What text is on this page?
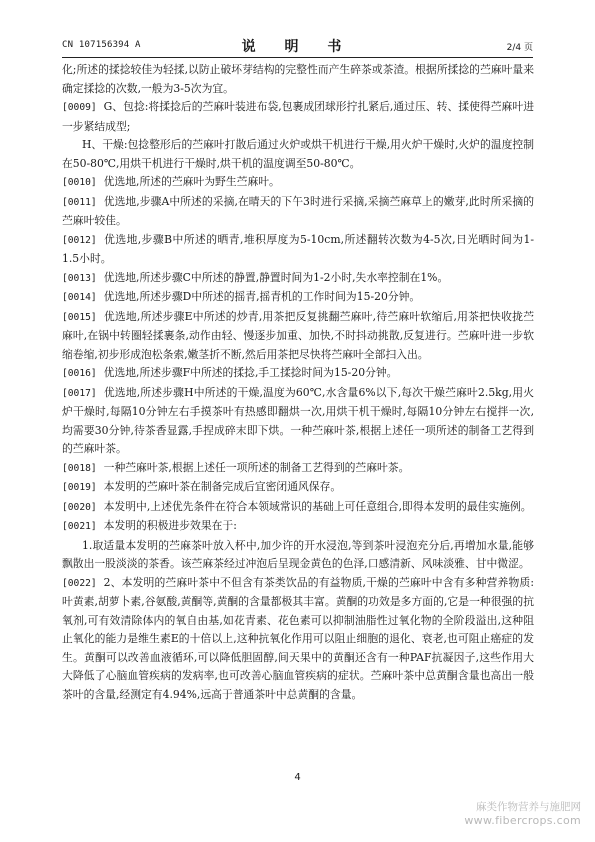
CN 107156394 A	说 明 书	2/4 页

化;所述的揉捻较佳为轻揉,以防止破坏芽结构的完整性而产生碎茶或茶渣。根据所揉捻的苎麻叶量来确定揉捻的次数,一般为3-5次为宜。

[0009] G、包捻:将揉捻后的苎麻叶装进布袋,包裹成团球形拧扎紧后,通过压、转、揉使得苎麻叶进一步紧结成型;

H、干燥:包捻整形后的苎麻叶打散后通过火炉或烘干机进行干燥,用火炉干燥时,火炉的温度控制在50-80℃,用烘干机进行干燥时,烘干机的温度调至50-80℃。

[0010] 优选地,所述的苎麻叶为野生苎麻叶。

[0011] 优选地,步骤A中所述的采摘,在晴天的下午3时进行采摘,采摘苎麻草上的嫩芽,此时所采摘的苎麻叶较佳。

[0012] 优选地,步骤B中所述的晒青,堆积厚度为5-10cm,所述翻转次数为4-5次,日光晒时间为1-1.5小时。

[0013] 优选地,所述步骤C中所述的静置,静置时间为1-2小时,失水率控制在1%。

[0014] 优选地,所述步骤D中所述的摇青,摇青机的工作时间为15-20分钟。

[0015] 优选地,所述步骤E中所述的炒青,用茶把反复挑翻苎麻叶,待苎麻叶软缩后,用茶把快收拢苎麻叶,在锅中转圈轻揉裹条,动作由轻、慢逐步加重、加快,不时抖动挑散,反复进行。苎麻叶进一步软缩卷缩,初步形成泡松条索,嫩茎折不断,然后用茶把尽快将苎麻叶全部扫入出。

[0016] 优选地,所述步骤F中所述的揉捻,手工揉捻时间为15-20分钟。

[0017] 优选地,所述步骤H中所述的干燥,温度为60℃,水含量6%以下,每次干燥苎麻叶2.5kg,用火炉干燥时,每隔10分钟左右手摸茶叶有热感即翻烘一次,用烘干机干燥时,每隔10分钟左右搅拌一次,均需要30分钟,待茶香显露,手捏成碎末即下烘。一种苎麻叶茶,根据上述任一项所述的制备工艺得到的苎麻叶茶。

[0018] 一种苎麻叶茶,根据上述任一项所述的制备工艺得到的苎麻叶茶。

[0019] 本发明的苎麻叶茶在制备完成后宜密闭通风保存。

[0020] 本发明中,上述优先条件在符合本领域常识的基础上可任意组合,即得本发明的最佳实施例。

[0021] 本发明的积极进步效果在于:

1.取适量本发明的苎麻茶叶放入杯中,加少许的开水浸泡,等到茶叶浸泡充分后,再增加水量,能够飘散出一股淡淡的茶香。该苎麻茶经过冲泡后呈现金黄色的色泽,口感清新、风味淡雅、甘中微涩。

[0022] 2、本发明的苎麻叶茶中不但含有茶类饮品的有益物质,干燥的苎麻叶中含有多种营养物质:叶黄素,胡萝卜素,谷氨酸,黄酮等,黄酮的含量都极其丰富。黄酮的功效是多方面的,它是一种很强的抗氧剂,可有效清除体内的氧自由基,如花青素、花色素可以抑制油脂性过氧化物的全阶段溢出,这种阻止氧化的能力是维生素E的十倍以上,这种抗氧化作用可以阻止细胞的退化、衰老,也可阻止癌症的发生。黄酮可以改善血液循环,可以降低胆固醇,间天果中的黄酮还含有一种PAF抗凝因子,这些作用大大降低了心脑血管疾病的发病率,也可改善心脑血管疾病的症状。苎麻叶茶中总黄酮含量也高出一般茶叶的含量,经测定有4.94%,远高于普通茶叶中总黄酮的含量。

4
麻类作物营养与施肥网
www.fibercrops.com
